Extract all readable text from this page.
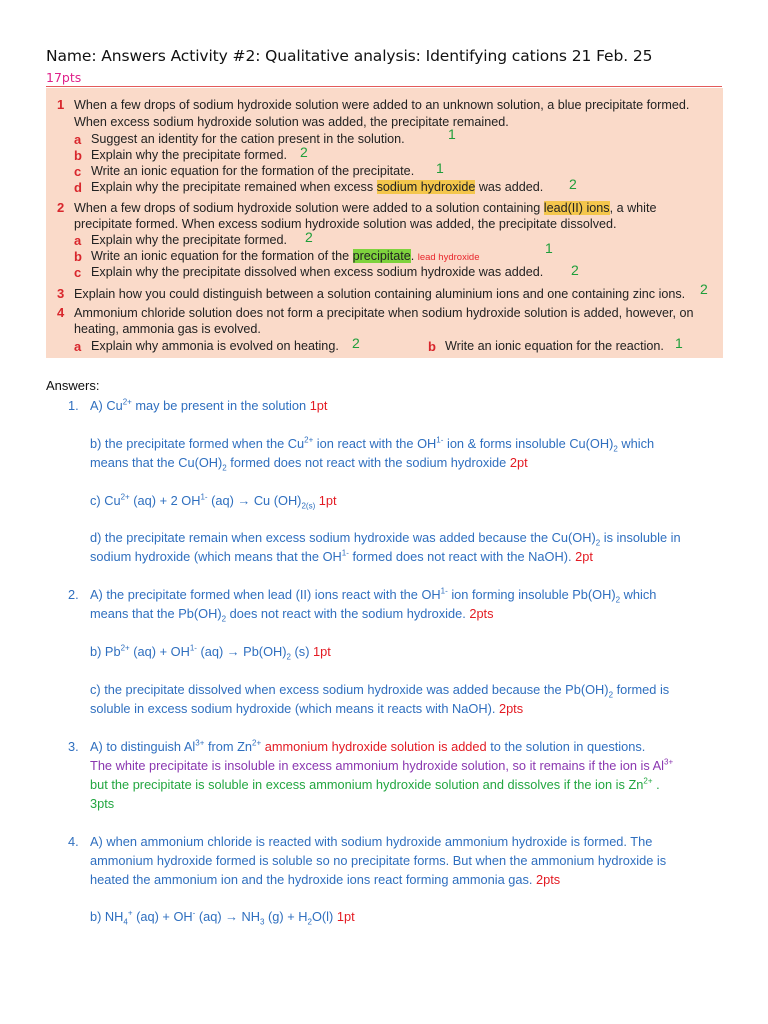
Name: Answers Activity #2: Qualitative analysis: Identifying cations 21 Feb. 25
17pts
1 When a few drops of sodium hydroxide solution were added to an unknown solution, a blue precipitate formed.
When excess sodium hydroxide solution was added, the precipitate remained.
a Suggest an identity for the cation present in the solution.	1
b Explain why the precipitate formed. 2
c Write an ionic equation for the formation of the precipitate. 1
d Explain why the precipitate remained when excess sodium hydroxide was added. 2
2 When a few drops of sodium hydroxide solution were added to a solution containing lead(II) ions, a white
precipitate formed. When excess sodium hydroxide solution was added, the precipitate dissolved.
a Explain why the precipitate formed. 2
b Write an ionic equation for the formation of the precipitate. lead hydroxide
1
c Explain why the precipitate dissolved when excess sodium hydroxide was added. 2
3 Explain how you could distinguish between a solution containing aluminium ions and one containing zinc ions. 2
4 Ammonium chloride solution does not form a precipitate when sodium hydroxide solution is added, however, on
heating, ammonia gas is evolved.
a Explain why ammonia is evolved on heating. 2	b Write an ionic equation for the reaction. 1
Answers:
1. A) $Cu^{2+}$ may be present in the solution 1pt
b) the precipitate formed when the $Cu^{2+}$ ion react with the $OH^{1-}$ ion & forms insoluble $Cu(OH)_2$ which
means that the $Cu(OH)_2$ formed does not react with the sodium hydroxide 2pt
c) $Cu^{2+}$ (aq) + 2 $OH^{1-}$ (aq) → Cu $(OH)_{2(s)}$ 1pt
d) the precipitate remain when excess sodium hydroxide was added because the $Cu(OH)_2$ is insoluble in
sodium hydroxide (which means that the $OH^{1-}$ formed does not react with the NaOH). 2pt
2. A) the precipitate formed when lead (II) ions react with the $OH^{1-}$ ion forming insoluble $Pb(OH)_2$ which
means that the $Pb(OH)_2$ does not react with the sodium hydroxide. 2pts
b) $Pb^{2+}$ $(aq) + OH^{1-}$ $(aq) \to Pb(OH)_2$ (s) 1pt
c) the precipitate dissolved when excess sodium hydroxide was added because the $Pb(OH)_2$ formed is
soluble in excess sodium hydroxide (which means it reacts with NaOH). 2pts
3. A) to distinguish $Al^{3+}$ from $Zn^{2+}$ ammonium hydroxide solution is added to the solution in questions.
The white precipitate is insoluble in excess ammonium hydroxide solution, so it remains if the ion is $Al^{3+}$
but the precipitate is soluble in excess ammonium hydroxide solution and dissolves if the ion is $Zn^{2+}$ .
3pts
4. A) when ammonium chloride is reacted with sodium hydroxide ammonium hydroxide is formed. The
ammonium hydroxide formed is soluble so no precipitate forms. But when the ammonium hydroxide is
heated the ammonium ion and the hydroxide ions react forming ammonia gas. 2pts
b) $NH_4^+$ (aq) + OH- $(aq) \to NH_3$ $(g) + H_2O(l)$ 1pt
